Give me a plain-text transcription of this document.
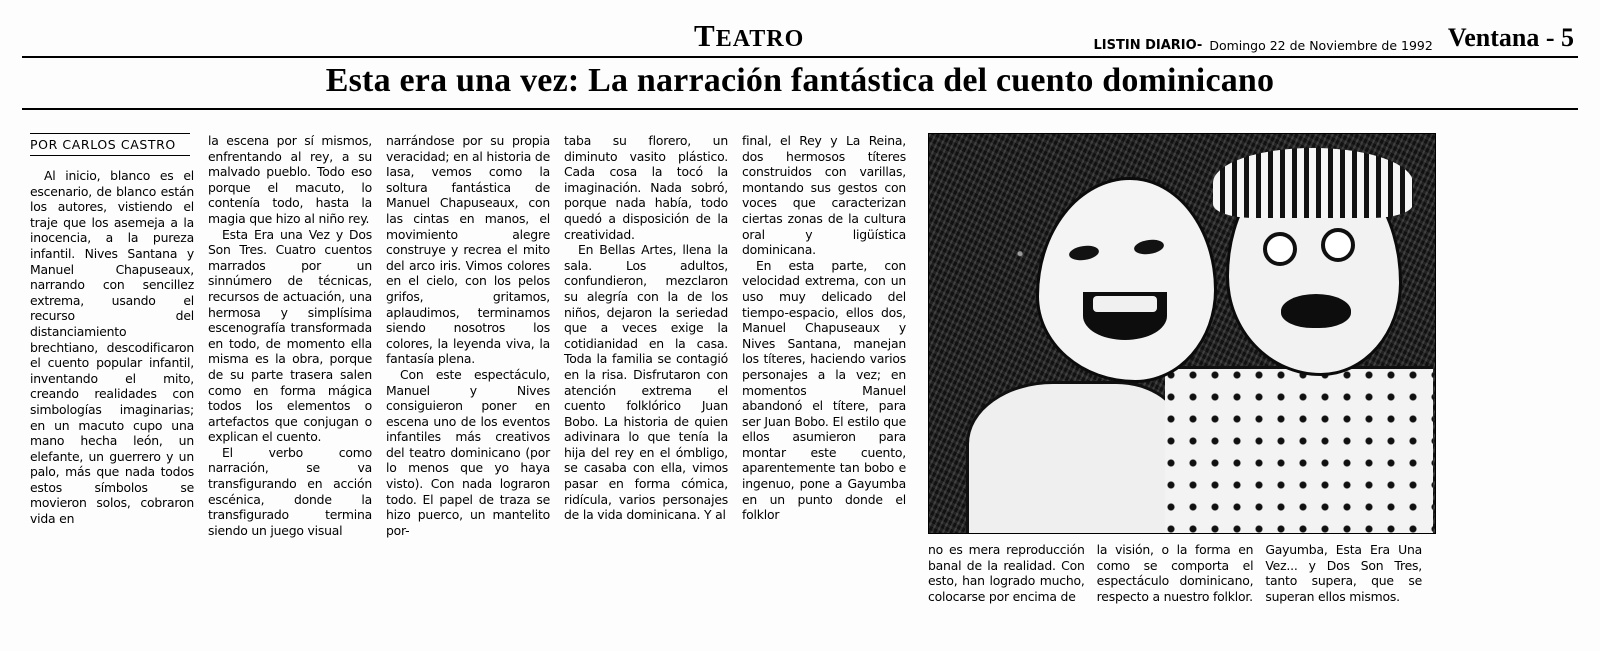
TEATRO	LISTIN DIARIO- Domingo 22 de Noviembre de 1992 Ventana - 5
Esta era una vez: La narración fantástica del cuento dominicano
POR CARLOS CASTRO

Al inicio, blanco es el escenario, de blanco están los autores, vistiendo el traje que los asemeja a la inocencia, a la pureza infantil. Nives Santana y Manuel Chapuseaux, narrando con sencillez extrema, usando el recurso del distanciamiento brechtiano, descodificaron el cuento popular infantil, inventando el mito, creando realidades con simbologías imaginarias; en un macuto cupo una mano hecha león, un elefante, un guerrero y un palo, más que nada todos estos símbolos se movieron solos, cobraron vida en

la escena por sí mismos, enfrentando al rey, a su malvado pueblo. Todo eso porque el macuto, lo contenía todo, hasta la magia que hizo al niño rey.

Esta Era una Vez y Dos Son Tres. Cuatro cuentos marrados por un sinnúmero de técnicas, recursos de actuación, una hermosa y simplísima escenografía transformada en todo, de momento ella misma es la obra, porque de su parte trasera salen como en forma mágica todos los elementos o artefactos que conjugan o explican el cuento.

El verbo como narración, se va transfigurando en acción escénica, donde la transfigurado termina siendo un juego visual

narrándose por su propia veracidad; en al historia de Iasa, vemos como la soltura fantástica de Manuel Chapuseaux, con las cintas en manos, el movimiento alegre construye y recrea el mito del arco iris. Vimos colores en el cielo, con los pelos grifos, gritamos, aplaudimos, terminamos siendo nosotros los colores, la leyenda viva, la fantasía plena.

Con este espectáculo, Manuel y Nives consiguieron poner en escena uno de los eventos infantiles más creativos del teatro dominicano (por lo menos que yo haya visto). Con nada lograron todo. El papel de traza se hizo puerco, un mantelito por-

taba su florero, un diminuto vasito plástico. Cada cosa la tocó la imaginación. Nada sobró, porque nada había, todo quedó a disposición de la creatividad.

En Bellas Artes, llena la sala. Los adultos, confundieron, mezclaron su alegría con la de los niños, dejaron la seriedad que a veces exige la cotidianidad en la casa. Toda la familia se contagió en la risa. Disfrutaron con atención extrema el cuento folklórico Juan Bobo. La historia de quien adivinara lo que tenía la hija del rey en el ómbligo, se casaba con ella, vimos pasar en forma cómica, ridícula, varios personajes de la vida dominicana. Y al

final, el Rey y La Reina, dos hermosos títeres construidos con varillas, montando sus gestos con voces que caracterizan ciertas zonas de la cultura oral y ligüística dominicana.

En esta parte, con velocidad extrema, con un uso muy delicado del tiempo-espacio, ellos dos, Manuel Chapuseaux y Nives Santana, manejan los títeres, haciendo varios personajes a la vez; en momentos Manuel abandonó el títere, para ser Juan Bobo. El estilo que ellos asumieron para montar este cuento, aparentemente tan bobo e ingenuo, pone a Gayumba en un punto donde el folklor

no es mera reproducción banal de la realidad. Con esto, han logrado mucho, colocarse por encima de

la visión, o la forma en como se comporta el espectáculo dominicano, respecto a nuestro folklor.

Gayumba, Esta Era Una Vez... y Dos Son Tres, tanto supera, que se superan ellos mismos.
